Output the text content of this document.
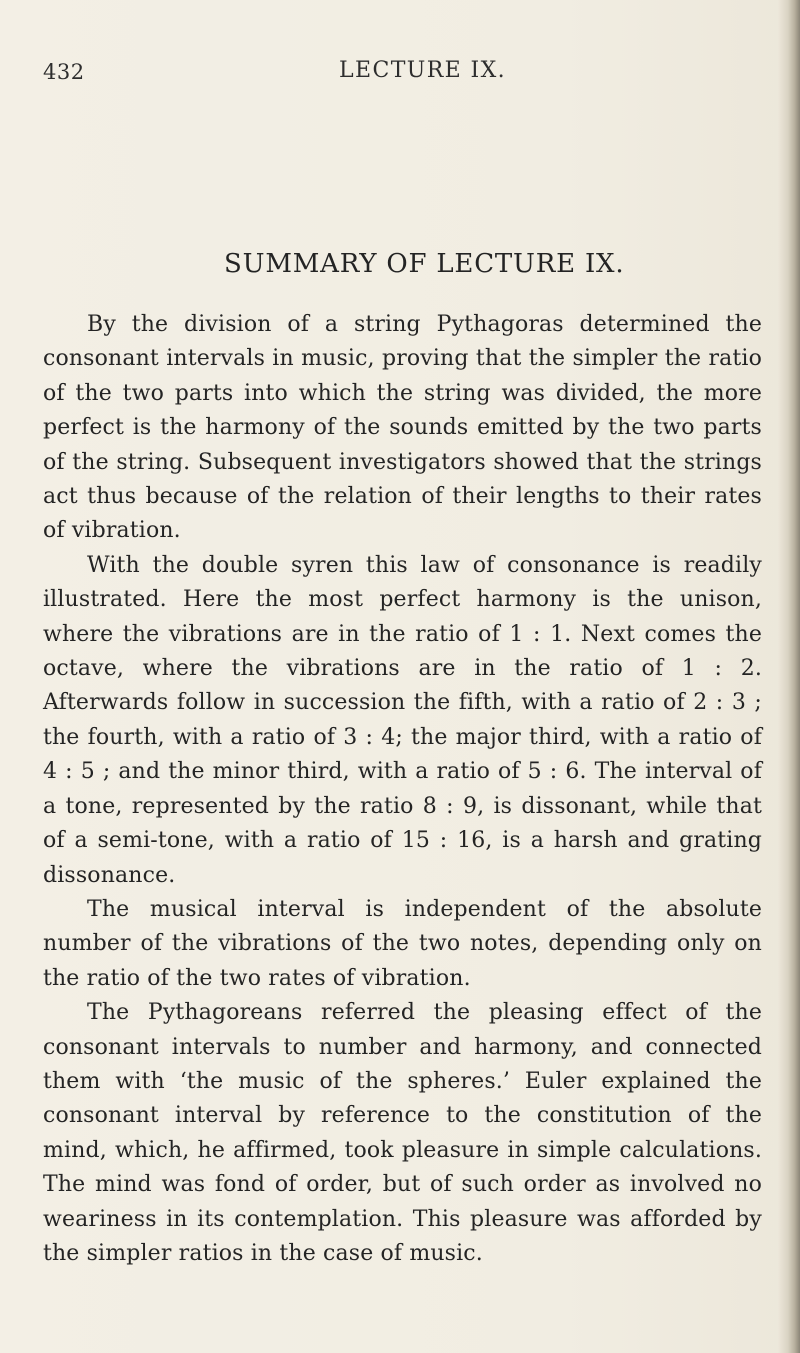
432	LECTURE IX.
SUMMARY OF LECTURE IX.

By the division of a string Pythagoras determined the consonant intervals in music, proving that the simpler the ratio of the two parts into which the string was divided, the more perfect is the harmony of the sounds emitted by the two parts of the string. Subsequent investigators showed that the strings act thus because of the relation of their lengths to their rates of vibration.

With the double syren this law of consonance is readily illustrated. Here the most perfect harmony is the unison, where the vibrations are in the ratio of 1 : 1. Next comes the octave, where the vibrations are in the ratio of 1 : 2. Afterwards follow in succession the fifth, with a ratio of 2 : 3 ; the fourth, with a ratio of 3 : 4; the major third, with a ratio of 4 : 5 ; and the minor third, with a ratio of 5 : 6. The interval of a tone, represented by the ratio 8 : 9, is dissonant, while that of a semi-tone, with a ratio of 15 : 16, is a harsh and grating dissonance.

The musical interval is independent of the absolute number of the vibrations of the two notes, depending only on the ratio of the two rates of vibration.

The Pythagoreans referred the pleasing effect of the consonant intervals to number and harmony, and connected them with ‘the music of the spheres.’ Euler explained the consonant interval by reference to the constitution of the mind, which, he affirmed, took pleasure in simple calculations. The mind was fond of order, but of such order as involved no weariness in its contemplation. This pleasure was afforded by the simpler ratios in the case of music.
